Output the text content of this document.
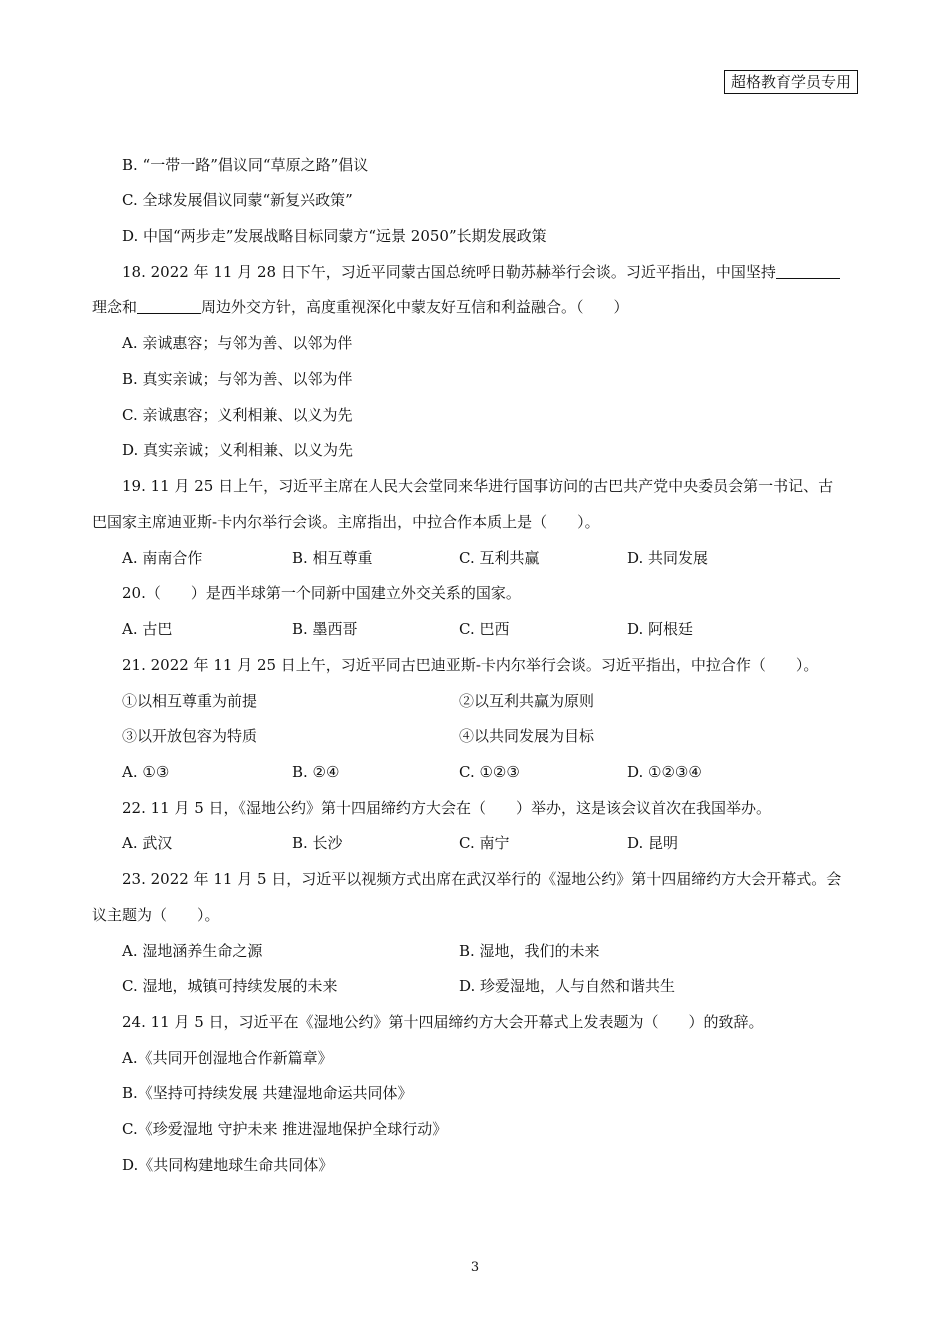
超格教育学员专用
B. “一带一路”倡议同“草原之路”倡议
C. 全球发展倡议同蒙“新复兴政策”
D. 中国“两步走”发展战略目标同蒙方“远景 2050”长期发展政策
18. 2022 年 11 月 28 日下午，习近平同蒙古国总统呼日勒苏赫举行会谈。习近平指出，中国坚持
理念和	周边外交方针，高度重视深化中蒙友好互信和利益融合。（　　）
A. 亲诚惠容；与邻为善、以邻为伴
B. 真实亲诚；与邻为善、以邻为伴
C. 亲诚惠容；义利相兼、以义为先
D. 真实亲诚；义利相兼、以义为先
19. 11 月 25 日上午，习近平主席在人民大会堂同来华进行国事访问的古巴共产党中央委员会第一书记、古
巴国家主席迪亚斯-卡内尔举行会谈。主席指出，中拉合作本质上是（　　）。
A. 南南合作	B. 相互尊重	C. 互利共赢	D. 共同发展
20.（　　）是西半球第一个同新中国建立外交关系的国家。
A. 古巴	B. 墨西哥	C. 巴西	D. 阿根廷
21. 2022 年 11 月 25 日上午，习近平同古巴迪亚斯-卡内尔举行会谈。习近平指出，中拉合作（　　）。
①以相互尊重为前提	②以互利共赢为原则
③以开放包容为特质	④以共同发展为目标
A. ①③	B. ②④	C. ①②③	D. ①②③④
22. 11 月 5 日，《湿地公约》第十四届缔约方大会在（　　）举办，这是该会议首次在我国举办。
A. 武汉	B. 长沙	C. 南宁	D. 昆明
23. 2022 年 11 月 5 日，习近平以视频方式出席在武汉举行的《湿地公约》第十四届缔约方大会开幕式。会
议主题为（　　）。
A. 湿地涵养生命之源	B. 湿地，我们的未来
C. 湿地，城镇可持续发展的未来	D. 珍爱湿地，人与自然和谐共生
24. 11 月 5 日，习近平在《湿地公约》第十四届缔约方大会开幕式上发表题为（　　）的致辞。
A.《共同开创湿地合作新篇章》
B.《坚持可持续发展 共建湿地命运共同体》
C.《珍爱湿地 守护未来 推进湿地保护全球行动》
D.《共同构建地球生命共同体》
3
